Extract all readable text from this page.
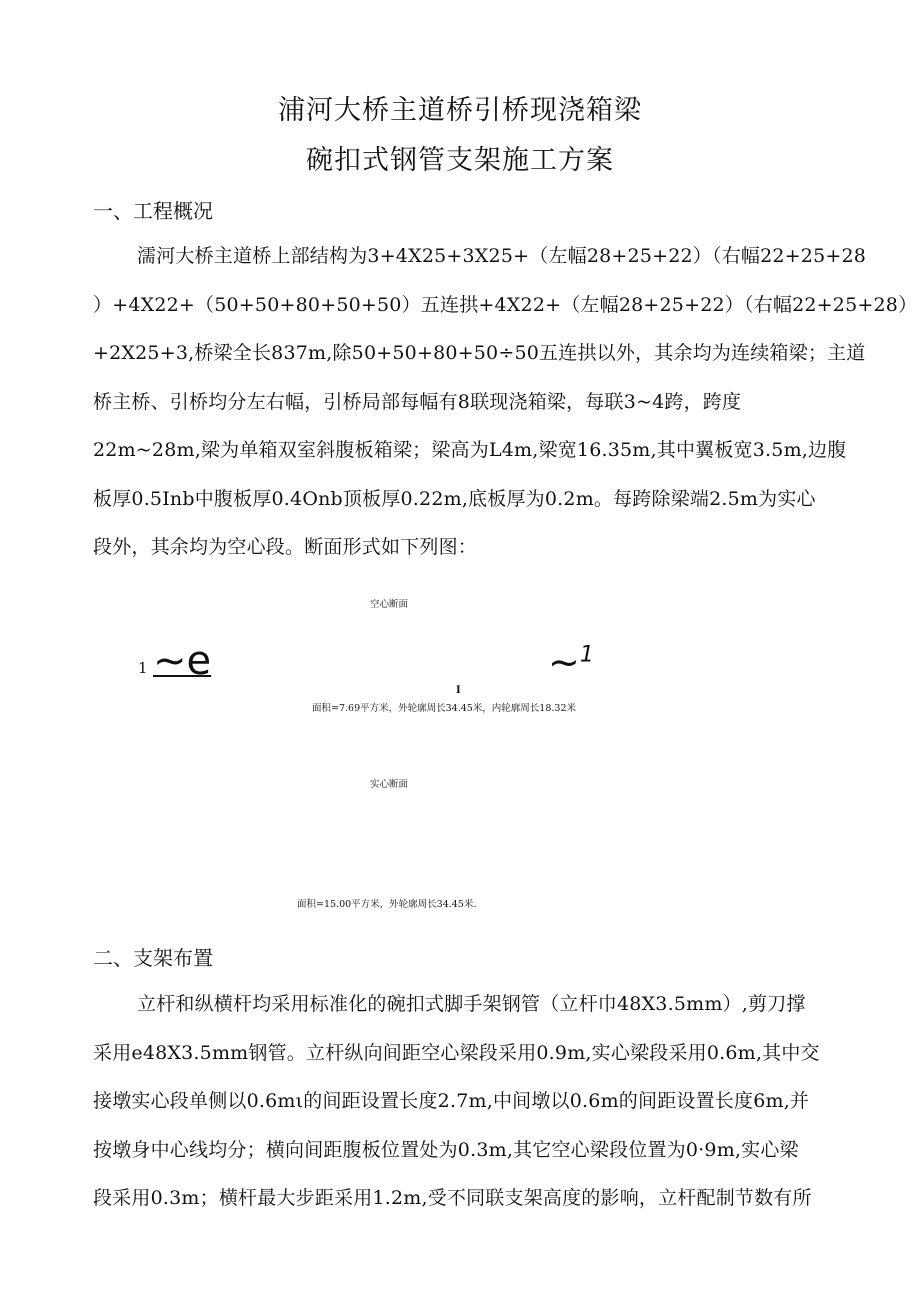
浦河大桥主道桥引桥现浇箱梁
碗扣式钢管支架施工方案
一、工程概况
濡河大桥主道桥上部结构为3+4X25+3X25+（左幅28+25+22）（右幅22+25+28
）+4X22+（50+50+80+50+50）五连拱+4X22+（左幅28+25+22）（右幅22+25+28）
+2X25+3,桥梁全长837m,除50+50+80+50÷50五连拱以外，其余均为连续箱梁；主道
桥主桥、引桥均分左右幅，引桥局部每幅有8联现浇箱梁，每联3~4跨，跨度
22m~28m,梁为单箱双室斜腹板箱梁；梁高为L4m,梁宽16.35m,其中翼板宽3.5m,边腹
板厚0.5Inb中腹板厚0.4Onb顶板厚0.22m,底板厚为0.2m。每跨除梁端2.5m为实心
段外，其余均为空心段。断面形式如下列图：
空心断面
1 ~e	~$^1$
I
面积=7.69平方米，外轮廓周长34.45米，内轮廓周长18.32米
实心断面
面积=15.00平方米，外轮廓周长34.45米.
二、支架布置
立杆和纵横杆均采用标准化的碗扣式脚手架钢管（立杆巾48X3.5mm）,剪刀撑
采用e48X3.5mm钢管。立杆纵向间距空心梁段采用0.9m,实心梁段采用0.6m,其中交
接墩实心段单侧以0.6mι的间距设置长度2.7m,中间墩以0.6m的间距设置长度6m,并
按墩身中心线均分；横向间距腹板位置处为0.3m,其它空心梁段位置为0·9m,实心梁
段采用0.3m；横杆最大步距采用1.2m,受不同联支架高度的影响，立杆配制节数有所
